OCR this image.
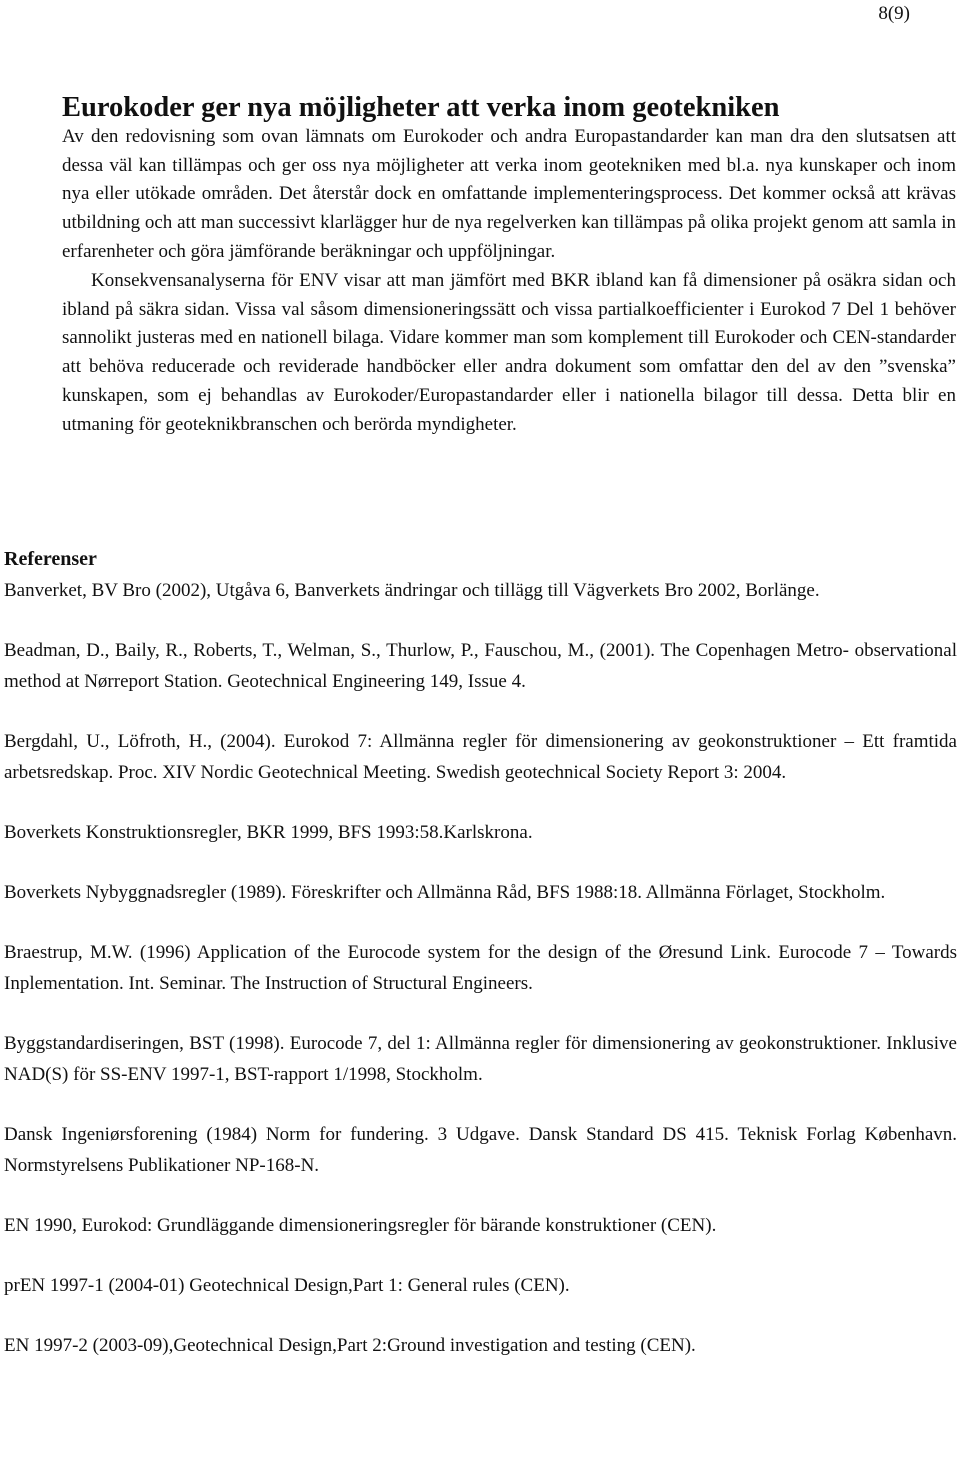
8(9)
Eurokoder ger nya möjligheter att verka inom geotekniken

Av den redovisning som ovan lämnats om Eurokoder och andra Europastandarder kan man dra den slutsatsen att dessa väl kan tillämpas och ger oss nya möjligheter att verka inom geotekniken med bl.a. nya kunskaper och inom nya eller utökade områden. Det återstår dock en omfattande implementeringsprocess. Det kommer också att krävas utbildning och att man successivt klarlägger hur de nya regelverken kan tillämpas på olika projekt genom att samla in erfarenheter och göra jämförande beräkningar och uppföljningar.

Konsekvensanalyserna för ENV visar att man jämfört med BKR ibland kan få dimensioner på osäkra sidan och ibland på säkra sidan. Vissa val såsom dimensioneringssätt och vissa partialkoefficienter i Eurokod 7 Del 1 behöver sannolikt justeras med en nationell bilaga. Vidare kommer man som komplement till Eurokoder och CEN-standarder att behöva reducerade och reviderade handböcker eller andra dokument som omfattar den del av den ”svenska” kunskapen, som ej behandlas av Eurokoder/Europastandarder eller i nationella bilagor till dessa. Detta blir en utmaning för geoteknikbranschen och berörda myndigheter.

Referenser

Banverket, BV Bro (2002), Utgåva 6, Banverkets ändringar och tillägg till Vägverkets Bro 2002, Borlänge.

Beadman, D., Baily, R., Roberts, T., Welman, S., Thurlow, P., Fauschou, M., (2001). The Copenhagen Metro- observational method at Nørreport Station. Geotechnical Engineering 149, Issue 4.

Bergdahl, U., Löfroth, H., (2004). Eurokod 7: Allmänna regler för dimensionering av geokonstruktioner – Ett framtida arbetsredskap. Proc. XIV Nordic Geotechnical Meeting. Swedish geotechnical Society Report 3: 2004.

Boverkets Konstruktionsregler, BKR 1999, BFS 1993:58.Karlskrona.

Boverkets Nybyggnadsregler (1989). Föreskrifter och Allmänna Råd, BFS 1988:18. Allmänna Förlaget, Stockholm.

Braestrup, M.W. (1996) Application of the Eurocode system for the design of the Øresund Link. Eurocode 7 – Towards Inplementation. Int. Seminar. The Instruction of Structural Engineers.

Byggstandardiseringen, BST (1998). Eurocode 7, del 1: Allmänna regler för dimensionering av geokonstruktioner. Inklusive NAD(S) för SS-ENV 1997-1, BST-rapport 1/1998, Stockholm.

Dansk Ingeniørsforening (1984) Norm for fundering. 3 Udgave. Dansk Standard DS 415. Teknisk Forlag København. Normstyrelsens Publikationer NP-168-N.

EN 1990, Eurokod: Grundläggande dimensioneringsregler för bärande konstruktioner (CEN).

prEN 1997-1 (2004-01) Geotechnical Design,Part 1: General rules (CEN).

EN 1997-2 (2003-09),Geotechnical Design,Part 2:Ground investigation and testing (CEN).
